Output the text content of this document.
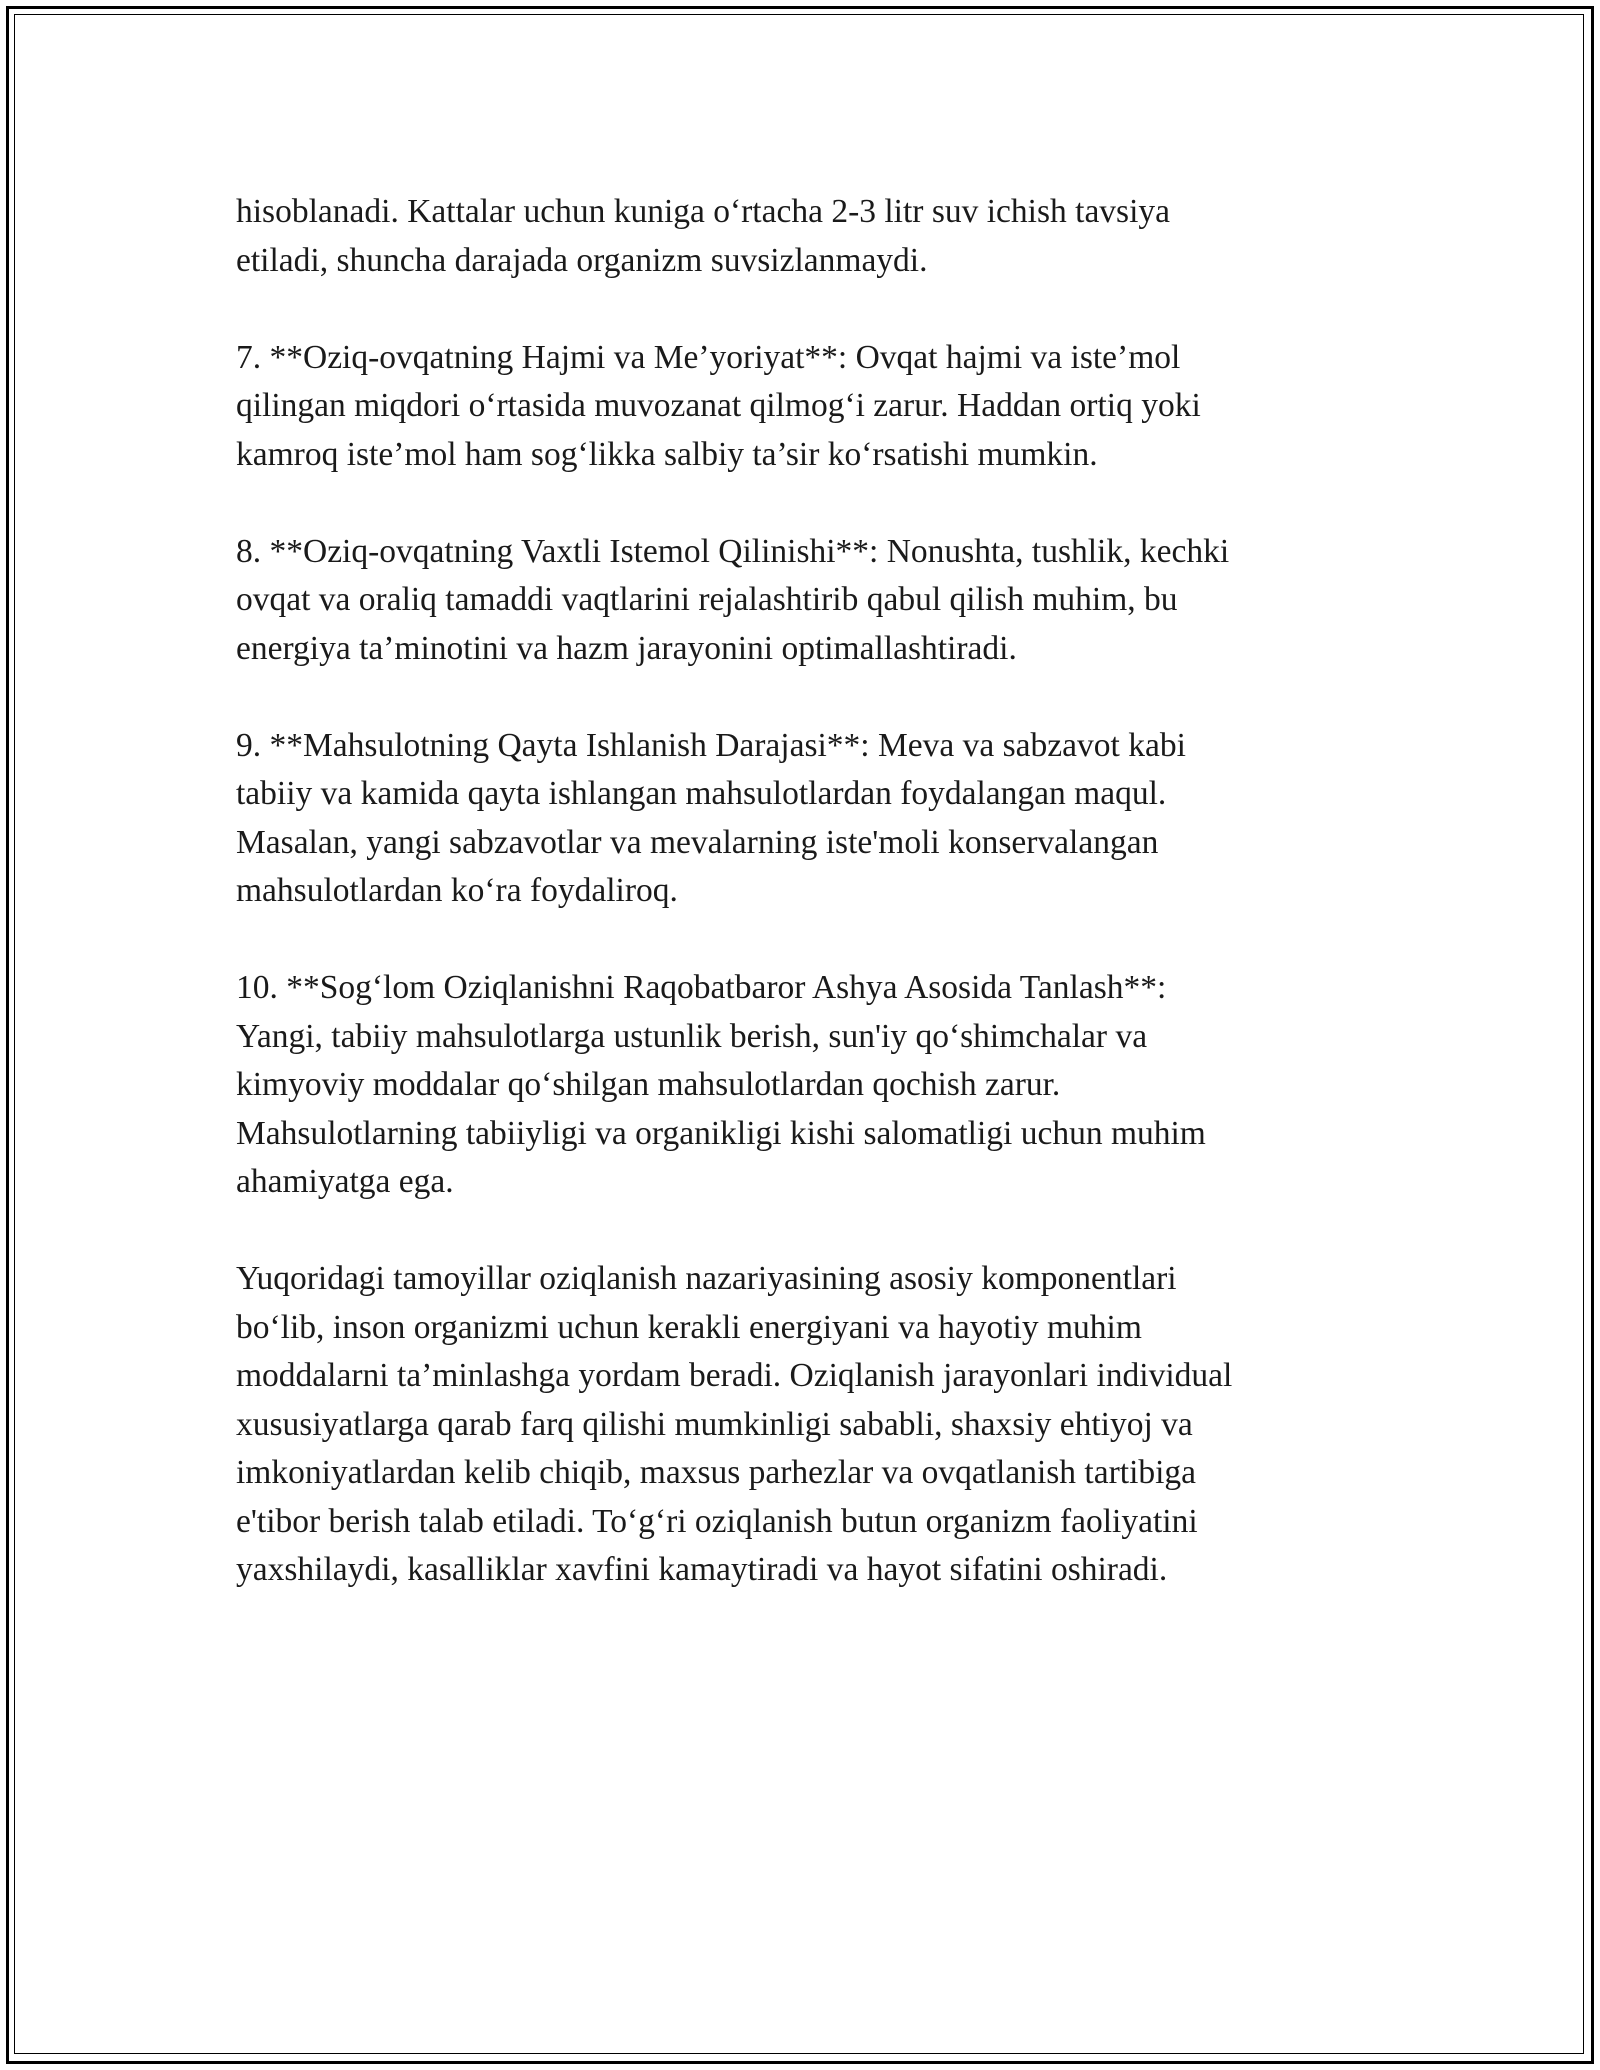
hisoblanadi. Kattalar uchun kuniga o‘rtacha 2-3 litr suv ichish tavsiya
etiladi, shuncha darajada organizm suvsizlanmaydi.

7. **Oziq-ovqatning Hajmi va Me’yoriyat**: Ovqat hajmi va iste’mol
qilingan miqdori o‘rtasida muvozanat qilmog‘i zarur. Haddan ortiq yoki
kamroq iste’mol ham sog‘likka salbiy ta’sir ko‘rsatishi mumkin.

8. **Oziq-ovqatning Vaxtli Istemol Qilinishi**: Nonushta, tushlik, kechki
ovqat va oraliq tamaddi vaqtlarini rejalashtirib qabul qilish muhim, bu
energiya ta’minotini va hazm jarayonini optimallashtiradi.

9. **Mahsulotning Qayta Ishlanish Darajasi**: Meva va sabzavot kabi
tabiiy va kamida qayta ishlangan mahsulotlardan foydalangan maqul.
Masalan, yangi sabzavotlar va mevalarning iste'moli konservalangan
mahsulotlardan ko‘ra foydaliroq.

10. **Sog‘lom Oziqlanishni Raqobatbaror Ashya Asosida Tanlash**:
Yangi, tabiiy mahsulotlarga ustunlik berish, sun'iy qo‘shimchalar va
kimyoviy moddalar qo‘shilgan mahsulotlardan qochish zarur.
Mahsulotlarning tabiiyligi va organikligi kishi salomatligi uchun muhim
ahamiyatga ega.

Yuqoridagi tamoyillar oziqlanish nazariyasining asosiy komponentlari
bo‘lib, inson organizmi uchun kerakli energiyani va hayotiy muhim
moddalarni ta’minlashga yordam beradi. Oziqlanish jarayonlari individual
xususiyatlarga qarab farq qilishi mumkinligi sababli, shaxsiy ehtiyoj va
imkoniyatlardan kelib chiqib, maxsus parhezlar va ovqatlanish tartibiga
e'tibor berish talab etiladi. To‘g‘ri oziqlanish butun organizm faoliyatini
yaxshilaydi, kasalliklar xavfini kamaytiradi va hayot sifatini oshiradi.
